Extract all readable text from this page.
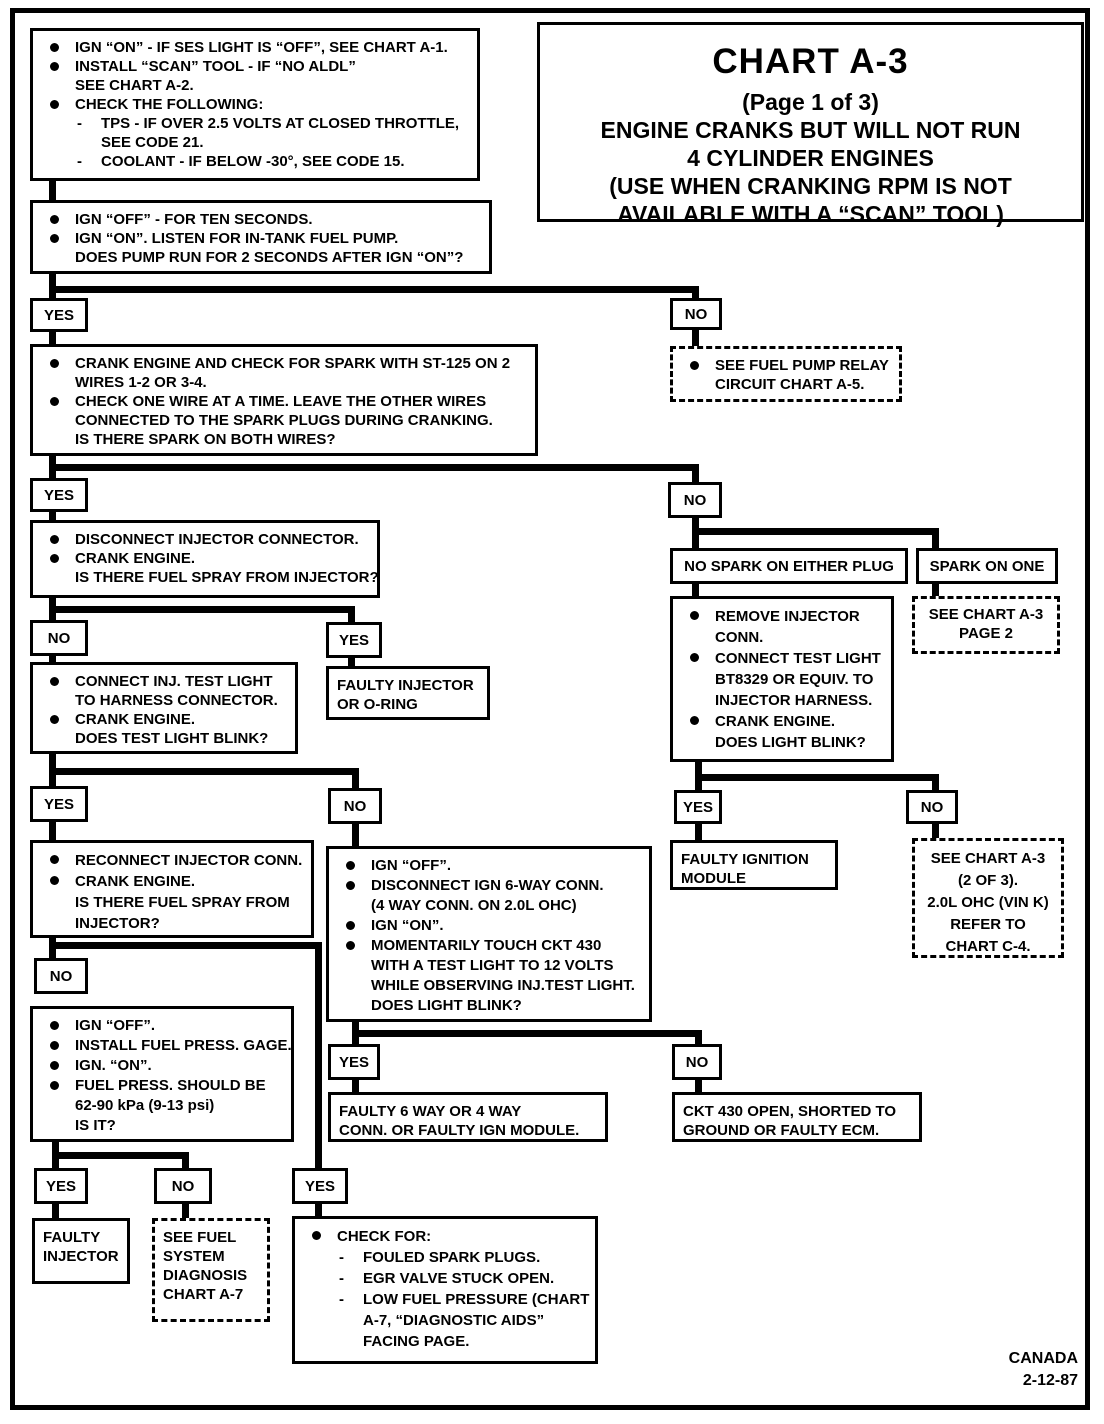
IGN “ON” - IF SES LIGHT IS “OFF”, SEE CHART A-1.
INSTALL “SCAN” TOOL - IF “NO ALDL”
SEE CHART A-2.
CHECK THE FOLLOWING:
- TPS - IF OVER 2.5 VOLTS AT CLOSED THROTTLE,
SEE CODE 21.
- COOLANT - IF BELOW -30°, SEE CODE 15.
CHART A-3
(Page 1 of 3)
ENGINE CRANKS BUT WILL NOT RUN
4 CYLINDER ENGINES
(USE WHEN CRANKING RPM IS NOT
AVAILABLE WITH A “SCAN” TOOL)
IGN “OFF” - FOR TEN SECONDS.
IGN “ON”. LISTEN FOR IN-TANK FUEL PUMP.
DOES PUMP RUN FOR 2 SECONDS AFTER IGN “ON”?
YES	NO
SEE FUEL PUMP RELAY
CIRCUIT CHART A-5.
CRANK ENGINE AND CHECK FOR SPARK WITH ST-125 ON 2
WIRES 1-2 OR 3-4.
CHECK ONE WIRE AT A TIME. LEAVE THE OTHER WIRES
CONNECTED TO THE SPARK PLUGS DURING CRANKING.
IS THERE SPARK ON BOTH WIRES?
YES	NO
NO SPARK ON EITHER PLUG	SPARK ON ONE
SEE CHART A-3
PAGE 2
DISCONNECT INJECTOR CONNECTOR.
CRANK ENGINE.
IS THERE FUEL SPRAY FROM INJECTOR?
NO	YES
FAULTY INJECTOR
OR O-RING
CONNECT INJ. TEST LIGHT
TO HARNESS CONNECTOR.
CRANK ENGINE.
DOES TEST LIGHT BLINK?
REMOVE INJECTOR
CONN.
CONNECT TEST LIGHT
BT8329 OR EQUIV. TO
INJECTOR HARNESS.
CRANK ENGINE.
DOES LIGHT BLINK?
YES	NO
RECONNECT INJECTOR CONN.
CRANK ENGINE.
IS THERE FUEL SPRAY FROM
INJECTOR?
IGN “OFF”.
DISCONNECT IGN 6-WAY CONN.
(4 WAY CONN. ON 2.0L OHC)
IGN “ON”.
MOMENTARILY TOUCH CKT 430
WITH A TEST LIGHT TO 12 VOLTS
WHILE OBSERVING INJ.TEST LIGHT.
DOES LIGHT BLINK?
YES	NO
FAULTY IGNITION
MODULE
SEE CHART A-3
(2 OF 3).
2.0L OHC (VIN K)
REFER TO
CHART C-4.
NO
IGN “OFF”.
INSTALL FUEL PRESS. GAGE.
IGN. “ON”.
FUEL PRESS. SHOULD BE
62-90 kPa (9-13 psi)
IS IT?
YES	NO
FAULTY 6 WAY OR 4 WAY
CONN. OR FAULTY IGN MODULE.
CKT 430 OPEN, SHORTED TO
GROUND OR FAULTY ECM.
YES	NO	YES
FAULTY
INJECTOR
SEE FUEL
SYSTEM
DIAGNOSIS
CHART A-7
CHECK FOR:
- FOULED SPARK PLUGS.
- EGR VALVE STUCK OPEN.
- LOW FUEL PRESSURE (CHART
A-7, “DIAGNOSTIC AIDS”
FACING PAGE.
CANADA
2-12-87
